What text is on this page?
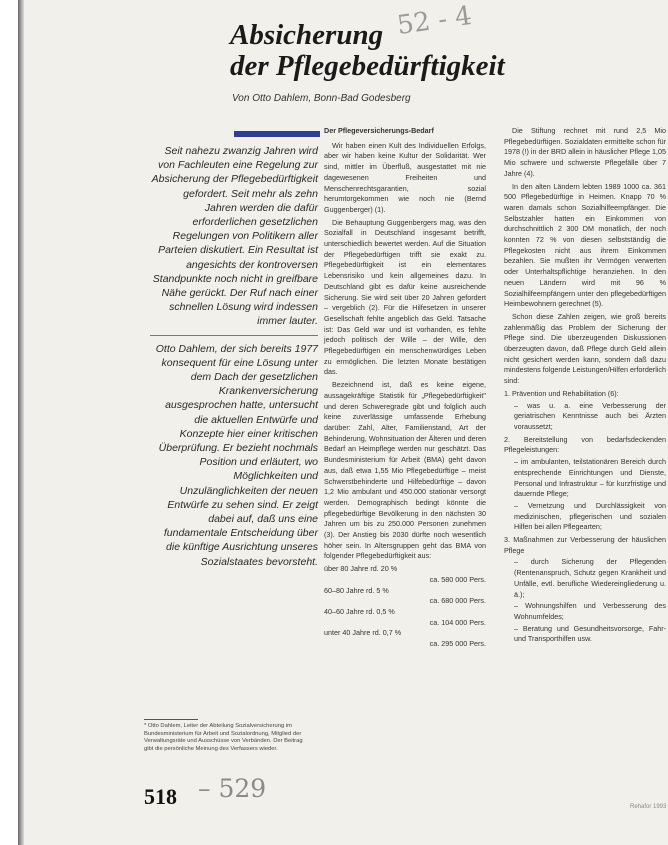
Absicherung
der Pflegebedürftigkeit
52 - 4
Von Otto Dahlem, Bonn-Bad Godesberg

Seit nahezu zwanzig Jahren wird von Fachleuten eine Regelung zur Absicherung der Pflegebedürftigkeit gefordert. Seit mehr als zehn Jahren werden die dafür erforderlichen gesetzlichen Regelungen von Politikern aller Parteien diskutiert. Ein Resultat ist angesichts der kontroversen Standpunkte noch nicht in greifbare Nähe gerückt. Der Ruf nach einer schnellen Lösung wird indessen immer lauter.

Otto Dahlem, der sich bereits 1977 konsequent für eine Lösung unter dem Dach der gesetzlichen Krankenversicherung ausgesprochen hatte, untersucht die aktuellen Entwürfe und Konzepte hier einer kritischen Überprüfung. Er bezieht nochmals Position und erläutert, wo Möglichkeiten und Unzulänglichkeiten der neuen Entwürfe zu sehen sind. Er zeigt dabei auf, daß uns eine fundamentale Entscheidung über die künftige Ausrichtung unseres Sozialstaates bevorsteht.

Der Pflegeversicherungs-Bedarf

Wir haben einen Kult des Individuellen Erfolgs, aber wir haben keine Kultur der Solidarität. Wer sind, mittler im Überfluß, ausgestattet mit nie dagewesenen Freiheiten und Menschenrechtsgarantien, sozial herumtorgekommen wie noch nie (Bernd Guggenberger) (1).

Die Behauptung Guggenbergers mag, was den Sozialfall in Deutschland insgesamt betrifft, unterschiedlich bewertet werden. Auf die Situation der Pflegebedürftigen trifft sie exakt zu. Pflegebedürftigkeit ist ein elementares Lebensrisiko und kein allgemeines dazu. In Deutschland gibt es dafür keine ausreichende Sicherung. Sie wird seit über 20 Jahren gefordert – vergeblich (2). Für die Hilfesetzen in unserer Gesellschaft fehlte angeblich das Geld. Tatsache ist: Das Geld war und ist vorhanden, es fehlte jedoch politisch der Wille – der Wille, den Pflegebedürftigen ein menschenwürdiges Leben zu ermöglichen. Die letzten Monate bestätigen das.

Bezeichnend ist, daß es keine eigene, aussagekräftige Statistik für „Pflegebedürftigkeit" und deren Schweregrade gibt und folglich auch keine zuverlässige umfassende Erhebung darüber: Zahl, Alter, Familienstand, Art der Behinderung, Wohnsituation der Älteren und deren Bedarf an Heimpflege werden nur geschätzt. Das Bundesministerium für Arbeit (BMA) geht davon aus, daß etwa 1,55 Mio Pflegebedürftige – meist Schwerstbehinderte und Hilfebedürftige – davon 1,2 Mio ambulant und 450.000 stationär versorgt werden. Demographisch bedingt könnte die pflegebedürftige Bevölkerung in den nächsten 30 Jahren um bis zu 250.000 Personen zunehmen (3). Der Anstieg bis 2030 dürfte noch wesentlich höher sein. In Altersgruppen geht das BMA von folgender Pflegebedürftigkeit aus:

über 80 Jahre rd. 20 %

ca. 580 000 Pers.

60–80 Jahre rd. 5 %

ca. 680 000 Pers.

40–60 Jahre rd. 0,5 %

ca. 104 000 Pers.

unter 40 Jahre rd. 0,7 %

ca. 295 000 Pers.

Die Stiftung rechnet mit rund 2,5 Mio Pflegebedürftigen. Sozialdaten ermittelte schon für 1978 (!) in der BRD allein in häuslicher Pflege 1,05 Mio schwere und schwerste Pflegefälle über 7 Jahre (4).

In den alten Ländern lebten 1989 1000 ca. 361 500 Pflegebedürftige in Heimen. Knapp 70 % waren damals schon Sozialhilfeempfänger. Die Selbstzahler hatten ein Einkommen von durchschnittlich 2 300 DM monatlich, der noch konnten 72 % von diesen selbstständig die Pflegekosten nicht aus ihrem Einkommen bezahlen. Sie mußten ihr Vermögen verwerten oder Unterhaltspflichtige heranziehen. In den neuen Ländern wird mit 96 % Sozialhilfeempfängern unter den pflegebedürftigen Heimbewohnern gerechnet (5).

Schon diese Zahlen zeigen, wie groß bereits zahlenmäßig das Problem der Sicherung der Pflege sind. Die überzeugenden Diskussionen überzeugten davon, daß Pflege durch Geld allein nicht gesichert werden kann, sondern daß dazu mindestens folgende Leistungen/Hilfen erforderlich sind:

1. Prävention und Rehabilitation (6):

– was u. a. eine Verbesserung der geriatrischen Kenntnisse auch bei Ärzten voraussetzt;

2. Bereitstellung von bedarfsdeckenden Pflegeleistungen:

– im ambulanten, teilstationären Bereich durch entsprechende Einrichtungen und Dienste, Personal und Infrastruktur – für kurzfristige und dauernde Pflege;

– Vernetzung und Durchlässigkeit von medizinischen, pflegerischen und sozialen Hilfen bei allen Pflegearten;

3. Maßnahmen zur Verbesserung der häuslichen Pflege

– durch Sicherung der Pflegenden (Rentenanspruch, Schutz gegen Krankheit und Unfälle, evtl. berufliche Wiedereingliederung u. ä.);

– Wohnungshilfen und Verbesserung des Wohnumfeldes;

– Beratung und Gesundheitsvorsorge, Fahr- und Transporthilfen usw.

* Otto Dahlem, Leiter der Abteilung Sozialversicherung im Bundesministerium für Arbeit und Sozialordnung, Mitglied der Verwaltungsräte und Ausschüsse von Verbänden. Der Beitrag gibt die persönliche Meinung des Verfassers wieder.
518 – 529
Rehafor 1993
